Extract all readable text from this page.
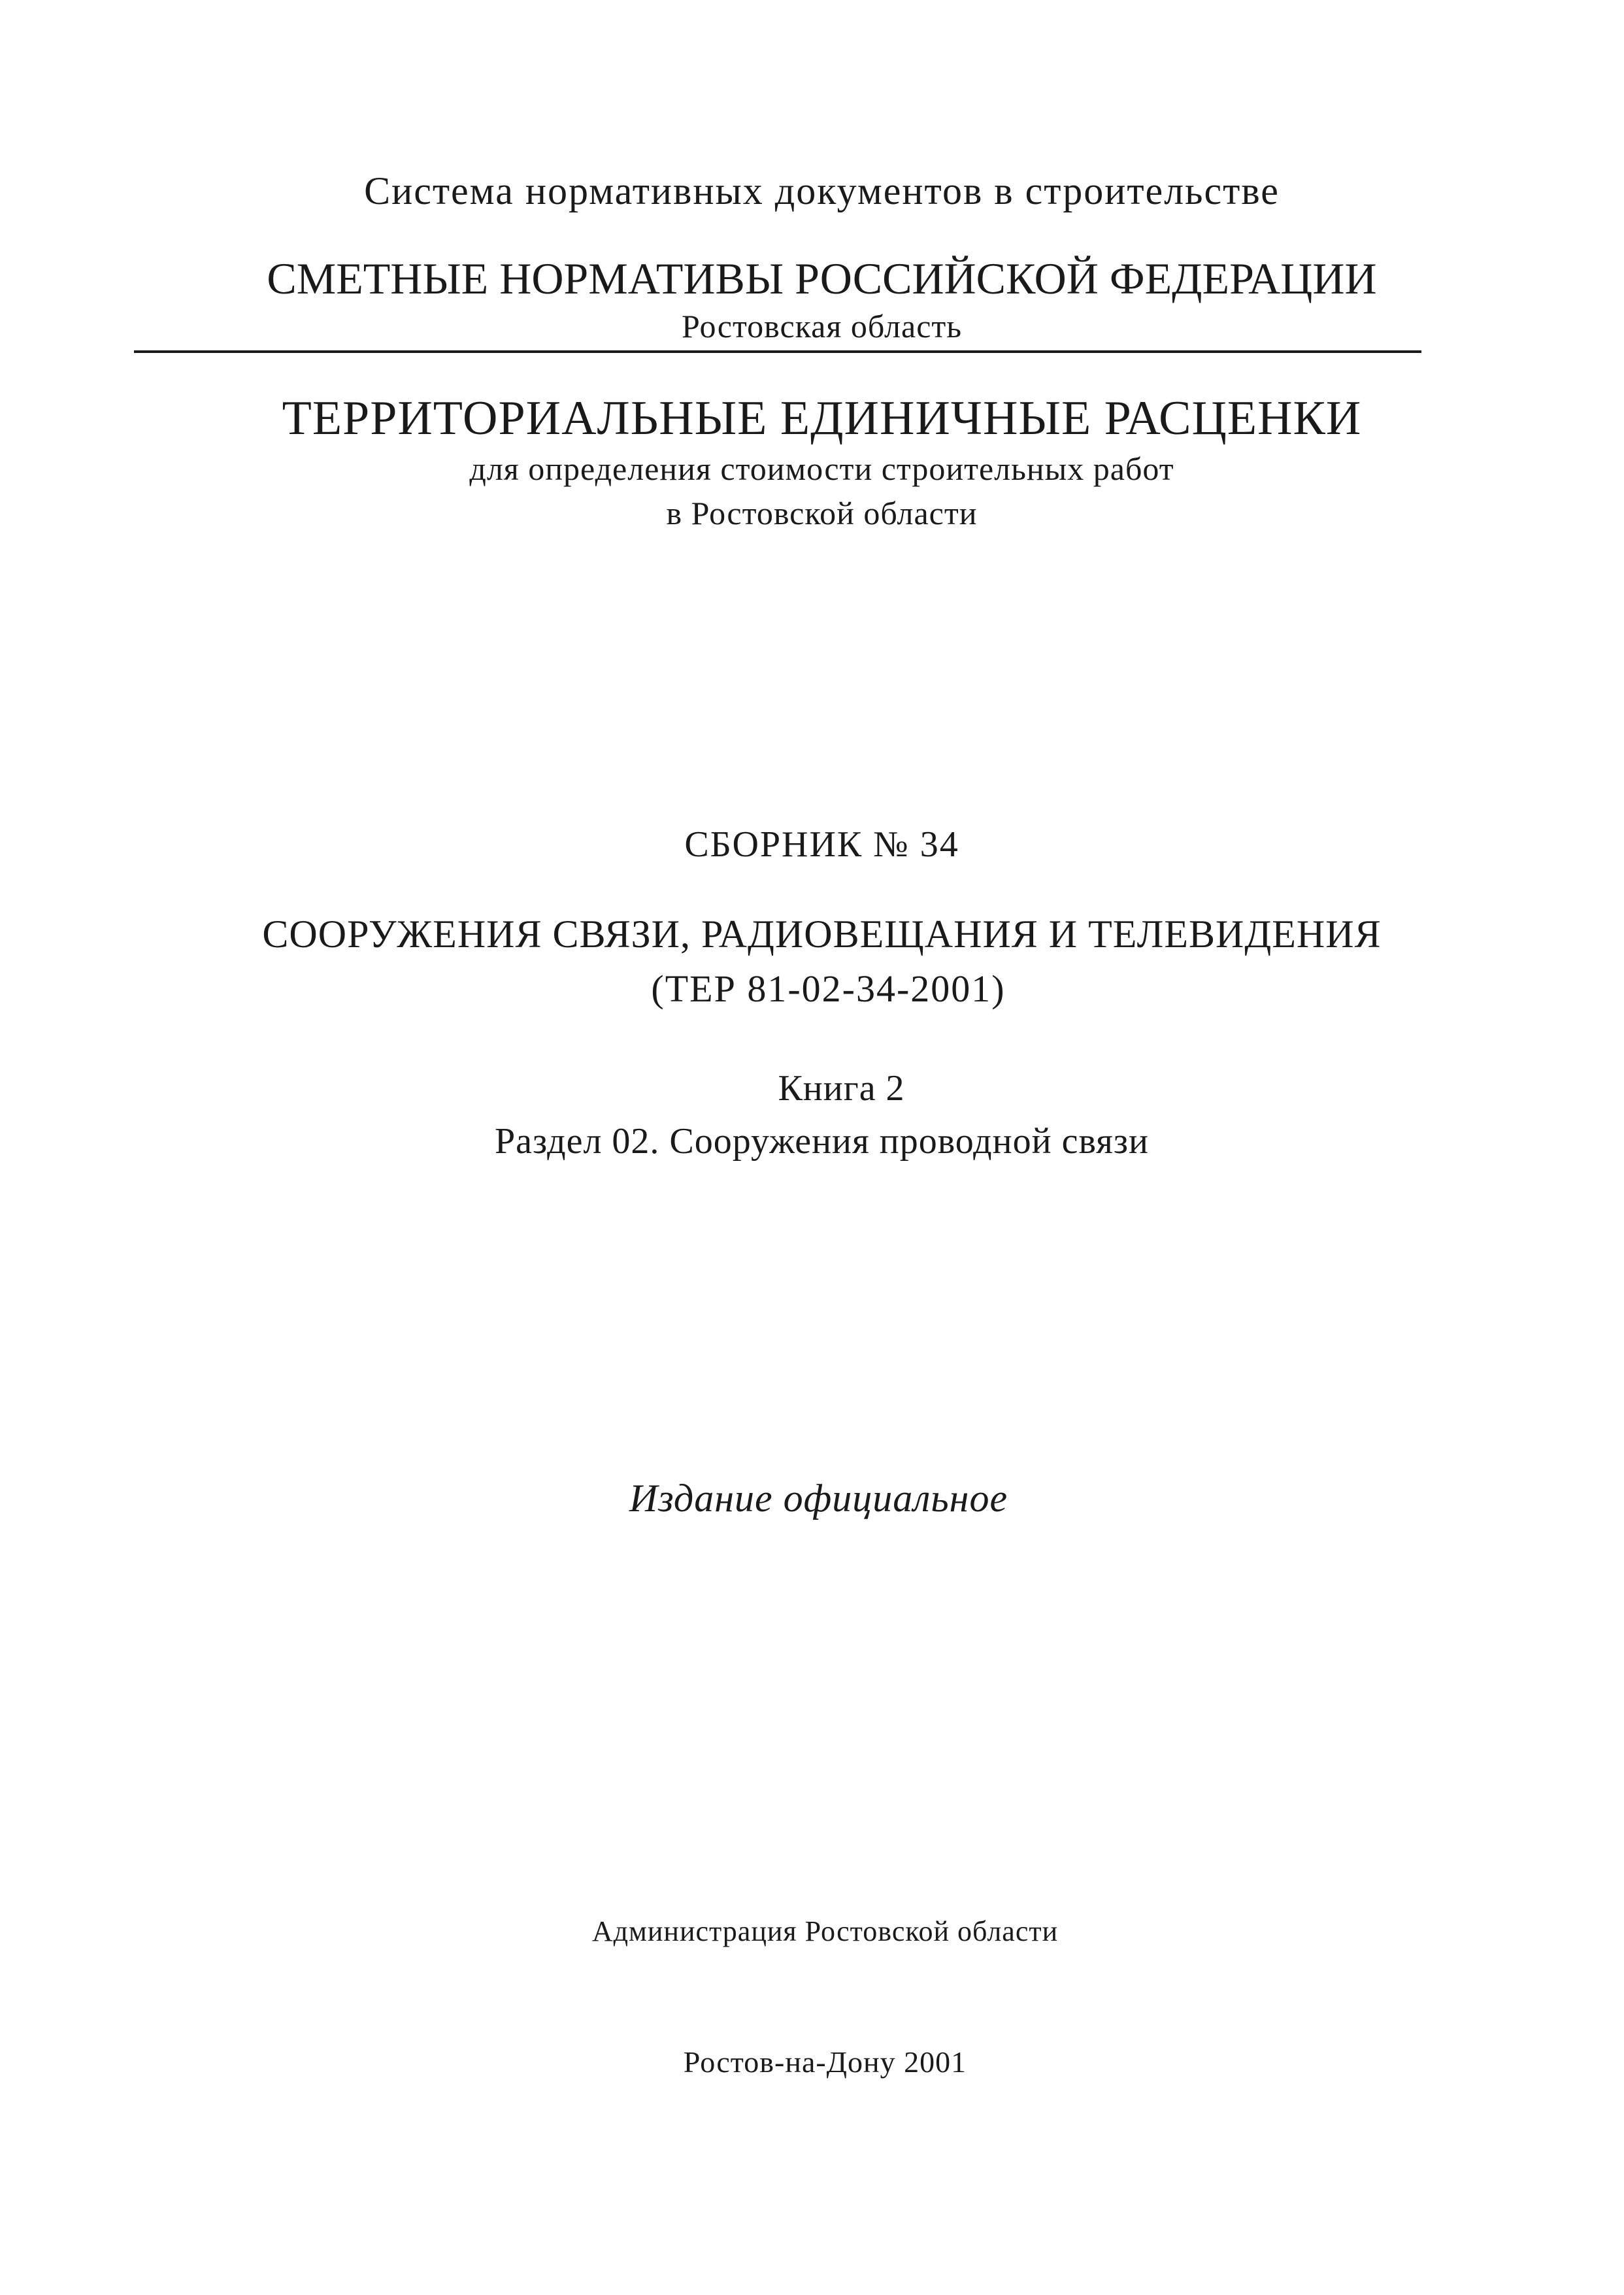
Система нормативных документов в строительстве
СМЕТНЫЕ НОРМАТИВЫ РОССИЙСКОЙ ФЕДЕРАЦИИ
Ростовская область
ТЕРРИТОРИАЛЬНЫЕ ЕДИНИЧНЫЕ РАСЦЕНКИ
для определения стоимости строительных работ
в Ростовской области
СБОРНИК № 34
СООРУЖЕНИЯ СВЯЗИ, РАДИОВЕЩАНИЯ И ТЕЛЕВИДЕНИЯ
(ТЕР 81-02-34-2001)
Книга 2
Раздел 02. Сооружения проводной связи
Издание официальное
Администрация Ростовской области
Ростов-на-Дону 2001
